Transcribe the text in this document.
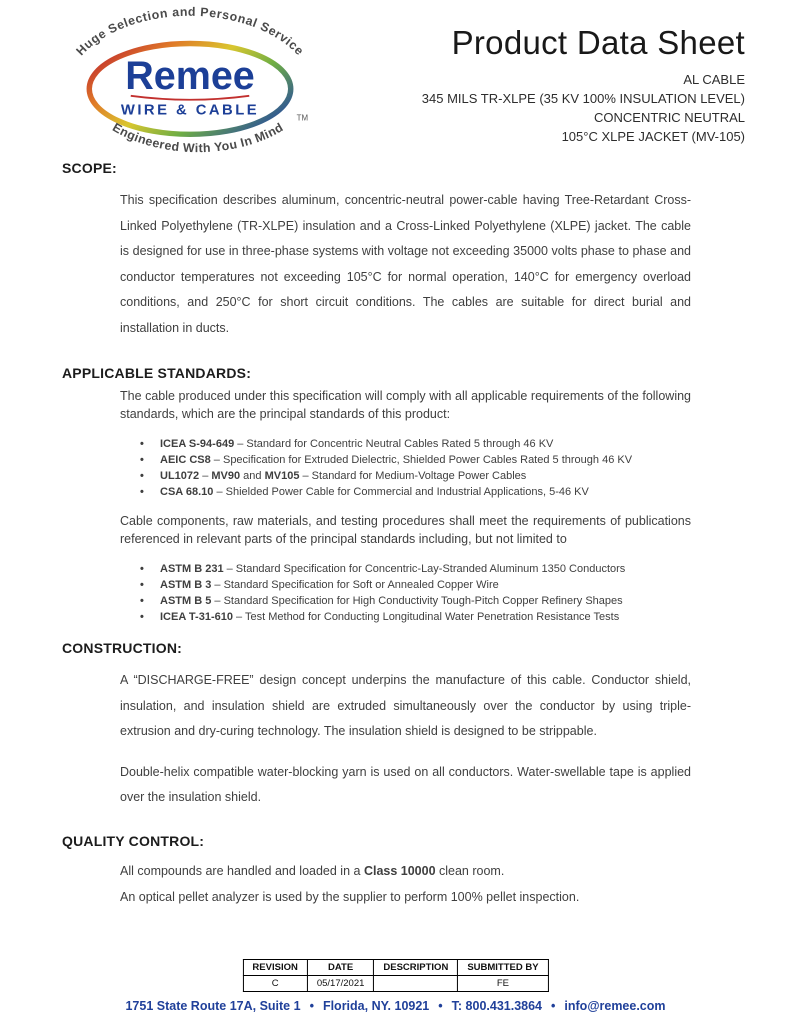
Huge Selection and Personal Service
Remee
WIRE & CABLE	TM
Engineered With You In Mind
Product Data Sheet
AL CABLE
345 MILS TR-XLPE (35 KV 100% INSULATION LEVEL)
CONCENTRIC NEUTRAL
105°C XLPE JACKET (MV-105)
SCOPE:

This specification describes aluminum, concentric-neutral power-cable having Tree-Retardant Cross-Linked Polyethylene (TR-XLPE) insulation and a Cross-Linked Polyethylene (XLPE) jacket. The cable is designed for use in three-phase systems with voltage not exceeding 35000 volts phase to phase and conductor temperatures not exceeding 105°C for normal operation, 140°C for emergency overload conditions, and 250°C for short circuit conditions. The cables are suitable for direct burial and installation in ducts.

APPLICABLE STANDARDS:

The cable produced under this specification will comply with all applicable requirements of the following standards, which are the principal standards of this product:

•	ICEA S-94-649 – Standard for Concentric Neutral Cables Rated 5 through 46 KV
•	AEIC CS8 – Specification for Extruded Dielectric, Shielded Power Cables Rated 5 through 46 KV
•	UL1072 – MV90 and MV105 – Standard for Medium-Voltage Power Cables
•	CSA 68.10 – Shielded Power Cable for Commercial and Industrial Applications, 5-46 KV

Cable components, raw materials, and testing procedures shall meet the requirements of publications referenced in relevant parts of the principal standards including, but not limited to

•	ASTM B 231 – Standard Specification for Concentric-Lay-Stranded Aluminum 1350 Conductors
•	ASTM B 3 – Standard Specification for Soft or Annealed Copper Wire
•	ASTM B 5 – Standard Specification for High Conductivity Tough-Pitch Copper Refinery Shapes
•	ICEA T-31-610 – Test Method for Conducting Longitudinal Water Penetration Resistance Tests
CONSTRUCTION:

A “DISCHARGE-FREE” design concept underpins the manufacture of this cable. Conductor shield, insulation, and insulation shield are extruded simultaneously over the conductor by using triple-extrusion and dry-curing technology. The insulation shield is designed to be strippable.

Double-helix compatible water-blocking yarn is used on all conductors. Water-swellable tape is applied over the insulation shield.

QUALITY CONTROL:
All compounds are handled and loaded in a Class 10000 clean room.
An optical pellet analyzer is used by the supplier to perform 100% pellet inspection.
REVISION	DATE	DESCRIPTION	SUBMITTED BY
C	05/17/2021		FE
1751 State Route 17A, Suite 1 • Florida, NY. 10921 • T: 800.431.3864 • info@remee.com
